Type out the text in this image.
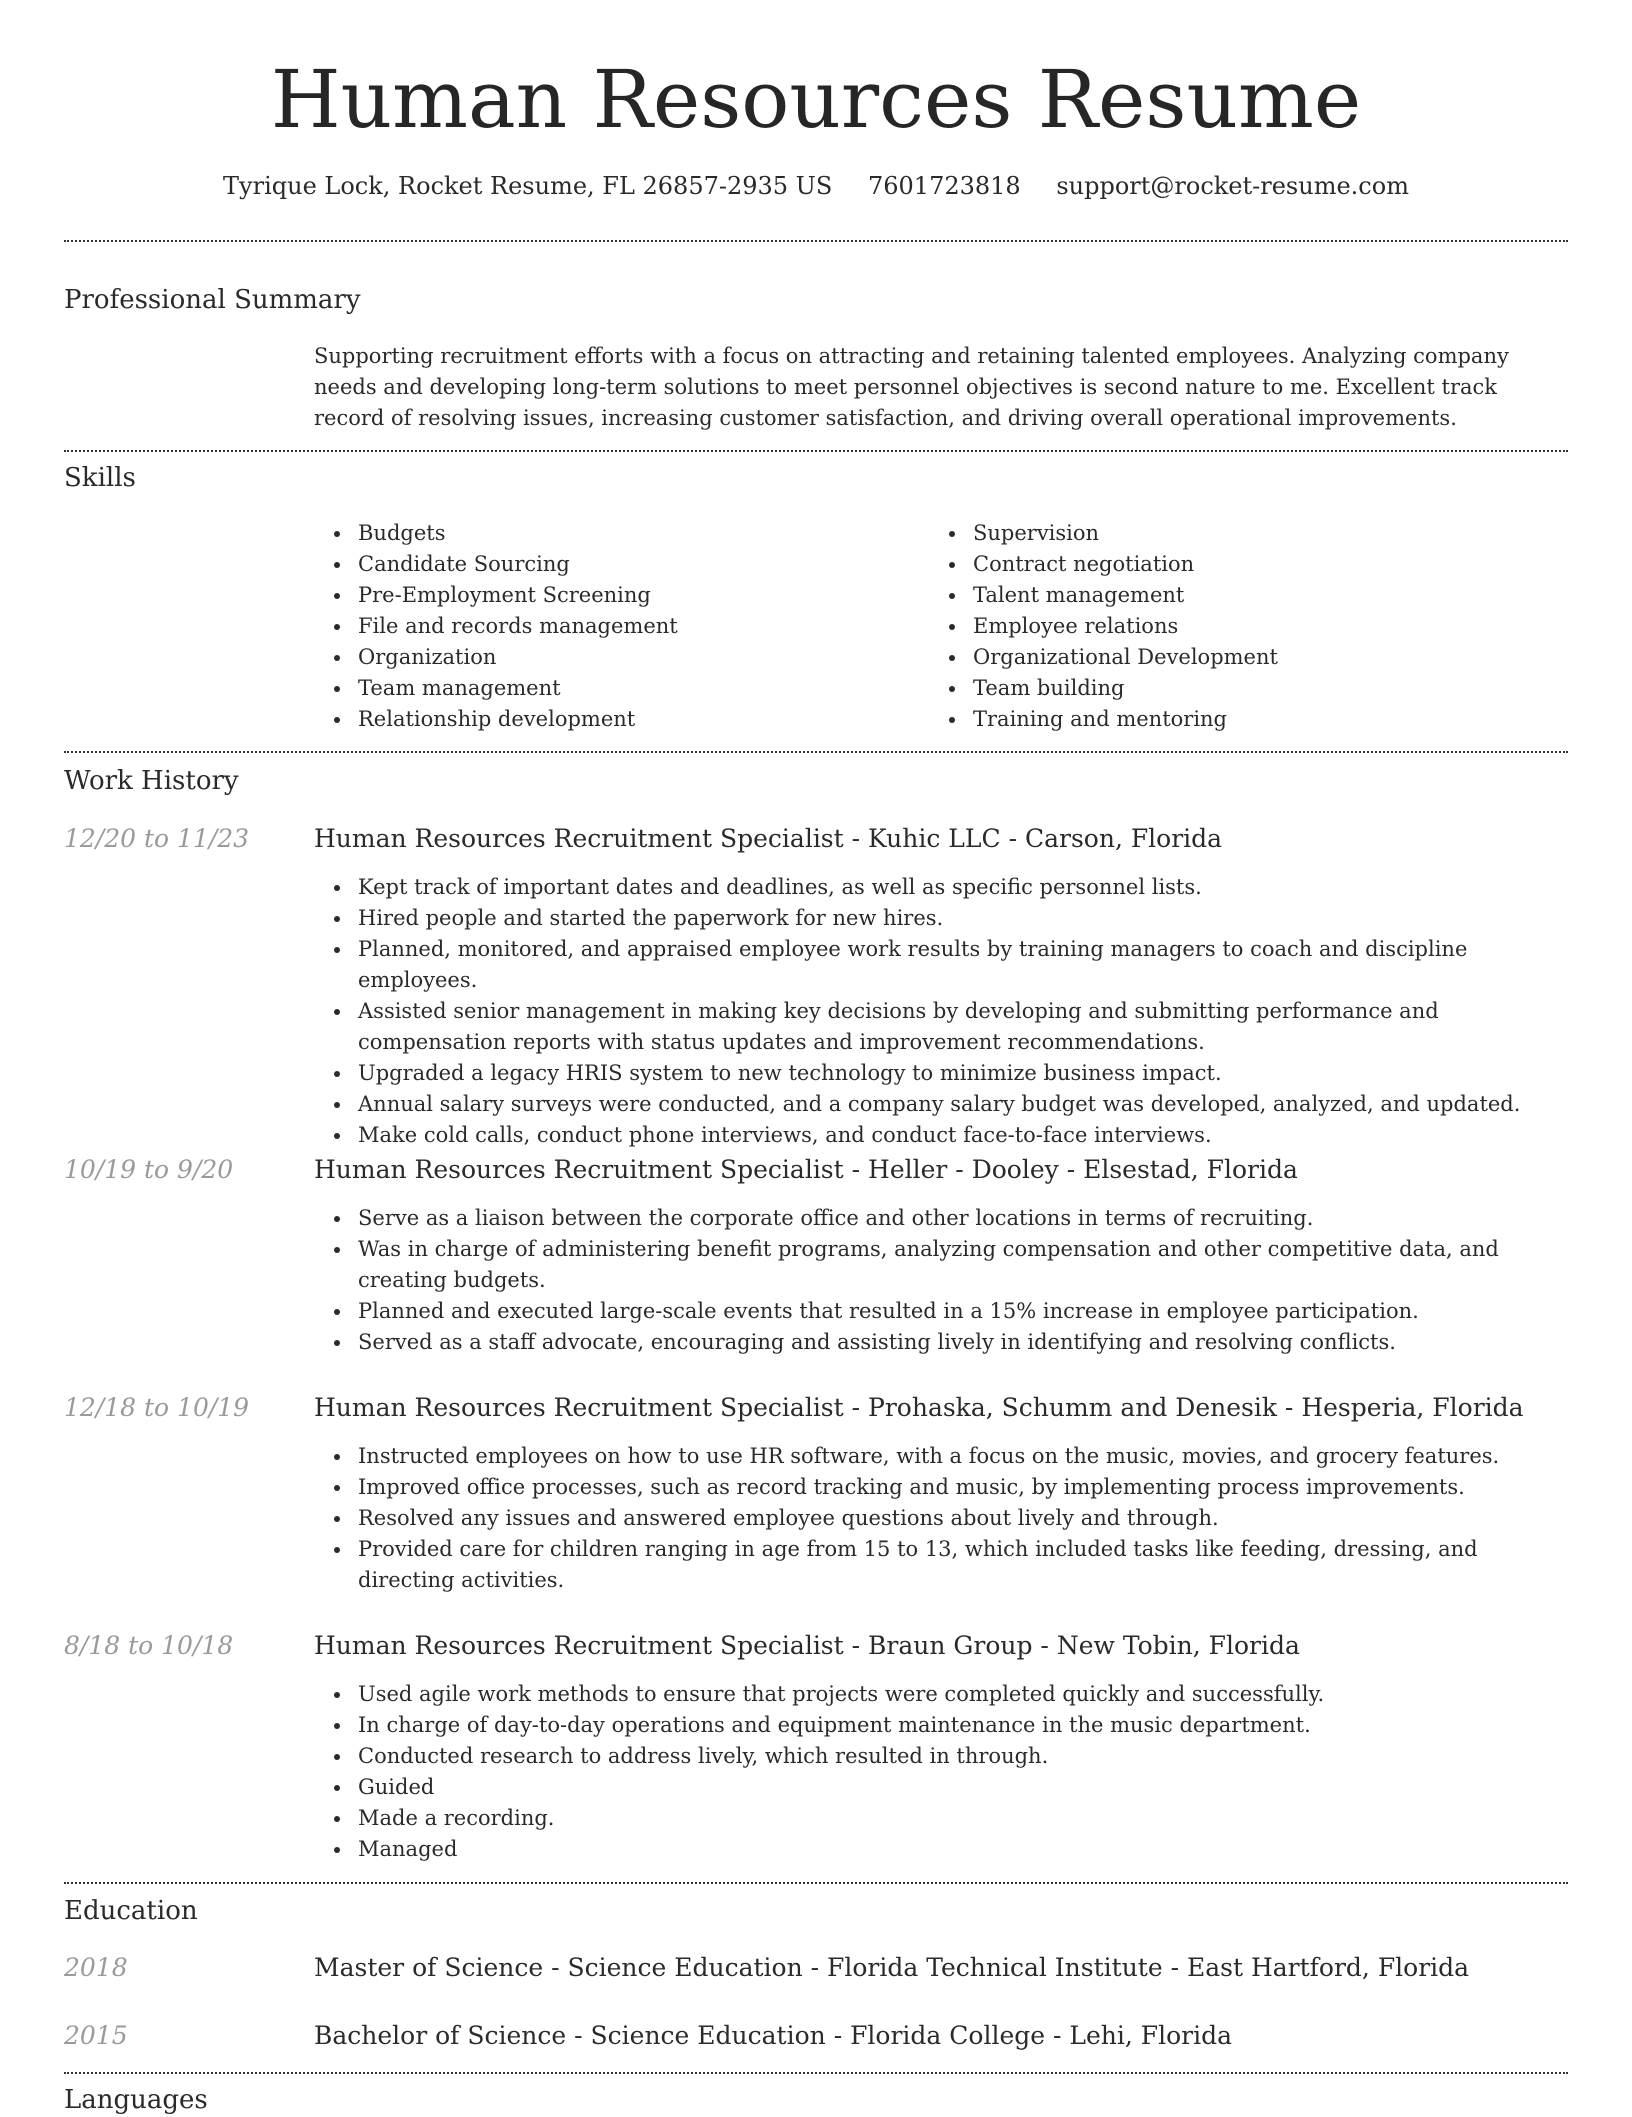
Human Resources Resume
Tyrique Lock, Rocket Resume, FL 26857-2935 US 7601723818 support@rocket-resume.com
Professional Summary
Supporting recruitment efforts with a focus on attracting and retaining talented employees. Analyzing company needs and developing long-term solutions to meet personnel objectives is second nature to me. Excellent track record of resolving issues, increasing customer satisfaction, and driving overall operational improvements.
Skills
Budgets
Candidate Sourcing
Pre-Employment Screening
File and records management
Organization
Team management
Relationship development
Supervision
Contract negotiation
Talent management
Employee relations
Organizational Development
Team building
Training and mentoring
Work History
12/20 to 11/23	Human Resources Recruitment Specialist - Kuhic LLC - Carson, Florida
Kept track of important dates and deadlines, as well as specific personnel lists.
Hired people and started the paperwork for new hires.
Planned, monitored, and appraised employee work results by training managers to coach and discipline employees.
Assisted senior management in making key decisions by developing and submitting performance and compensation reports with status updates and improvement recommendations.
Upgraded a legacy HRIS system to new technology to minimize business impact.
Annual salary surveys were conducted, and a company salary budget was developed, analyzed, and updated.
Make cold calls, conduct phone interviews, and conduct face-to-face interviews.
10/19 to 9/20	Human Resources Recruitment Specialist - Heller - Dooley - Elsestad, Florida
Serve as a liaison between the corporate office and other locations in terms of recruiting.
Was in charge of administering benefit programs, analyzing compensation and other competitive data, and creating budgets.
Planned and executed large-scale events that resulted in a 15% increase in employee participation.
Served as a staff advocate, encouraging and assisting lively in identifying and resolving conflicts.
12/18 to 10/19	Human Resources Recruitment Specialist - Prohaska, Schumm and Denesik - Hesperia, Florida
Instructed employees on how to use HR software, with a focus on the music, movies, and grocery features.
Improved office processes, such as record tracking and music, by implementing process improvements.
Resolved any issues and answered employee questions about lively and through.
Provided care for children ranging in age from 15 to 13, which included tasks like feeding, dressing, and directing activities.
8/18 to 10/18	Human Resources Recruitment Specialist - Braun Group - New Tobin, Florida
Used agile work methods to ensure that projects were completed quickly and successfully.
In charge of day-to-day operations and equipment maintenance in the music department.
Conducted research to address lively, which resulted in through.
Guided
Made a recording.
Managed
Education
2018	Master of Science - Science Education - Florida Technical Institute - East Hartford, Florida
2015	Bachelor of Science - Science Education - Florida College - Lehi, Florida
Languages
